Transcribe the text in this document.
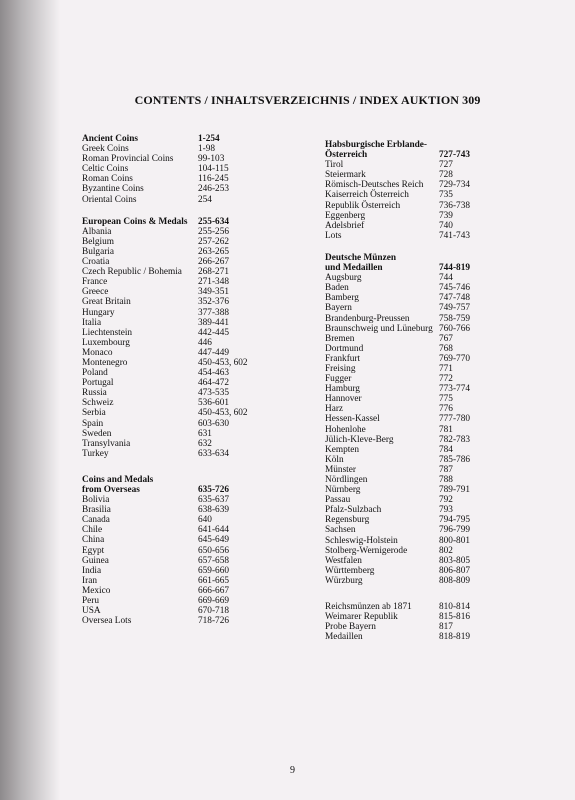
CONTENTS / INHALTSVERZEICHNIS / INDEX AUKTION 309
Ancient Coins	1-254
Greek Coins	1-98
Roman Provincial Coins	99-103
Celtic Coins	104-115
Roman Coins	116-245
Byzantine Coins	246-253
Oriental Coins	254
European Coins & Medals	255-634
Albania	255-256
Belgium	257-262
Bulgaria	263-265
Croatia	266-267
Czech Republic / Bohemia	268-271
France	271-348
Greece	349-351
Great Britain	352-376
Hungary	377-388
Italia	389-441
Liechtenstein	442-445
Luxembourg	446
Monaco	447-449
Montenegro	450-453, 602
Poland	454-463
Portugal	464-472
Russia	473-535
Schweiz	536-601
Serbia	450-453, 602
Spain	603-630
Sweden	631
Transylvania	632
Turkey	633-634
Coins and Medals
from Overseas	635-726
Bolivia	635-637
Brasilia	638-639
Canada	640
Chile	641-644
China	645-649
Egypt	650-656
Guinea	657-658
India	659-660
Iran	661-665
Mexico	666-667
Peru	669-669
USA	670-718
Oversea Lots	718-726
Habsburgische Erblande-
Österreich	727-743
Tirol	727
Steiermark	728
Römisch-Deutsches Reich	729-734
Kaiserreich Österreich	735
Republik Österreich	736-738
Eggenberg	739
Adelsbrief	740
Lots	741-743
Deutsche Münzen
und Medaillen	744-819
Augsburg	744
Baden	745-746
Bamberg	747-748
Bayern	749-757
Brandenburg-Preussen	758-759
Braunschweig und Lüneburg 760-766
Bremen	767
Dortmund	768
Frankfurt	769-770
Freising	771
Fugger	772
Hamburg	773-774
Hannover	775
Harz	776
Hessen-Kassel	777-780
Hohenlohe	781
Jülich-Kleve-Berg	782-783
Kempten	784
Köln	785-786
Münster	787
Nördlingen	788
Nürnberg	789-791
Passau	792
Pfalz-Sulzbach	793
Regensburg	794-795
Sachsen	796-799
Schleswig-Holstein	800-801
Stolberg-Wernigerode	802
Westfalen	803-805
Württemberg	806-807
Würzburg	808-809
Reichsmünzen ab 1871	810-814
Weimarer Republik	815-816
Probe Bayern	817
Medaillen	818-819
9
